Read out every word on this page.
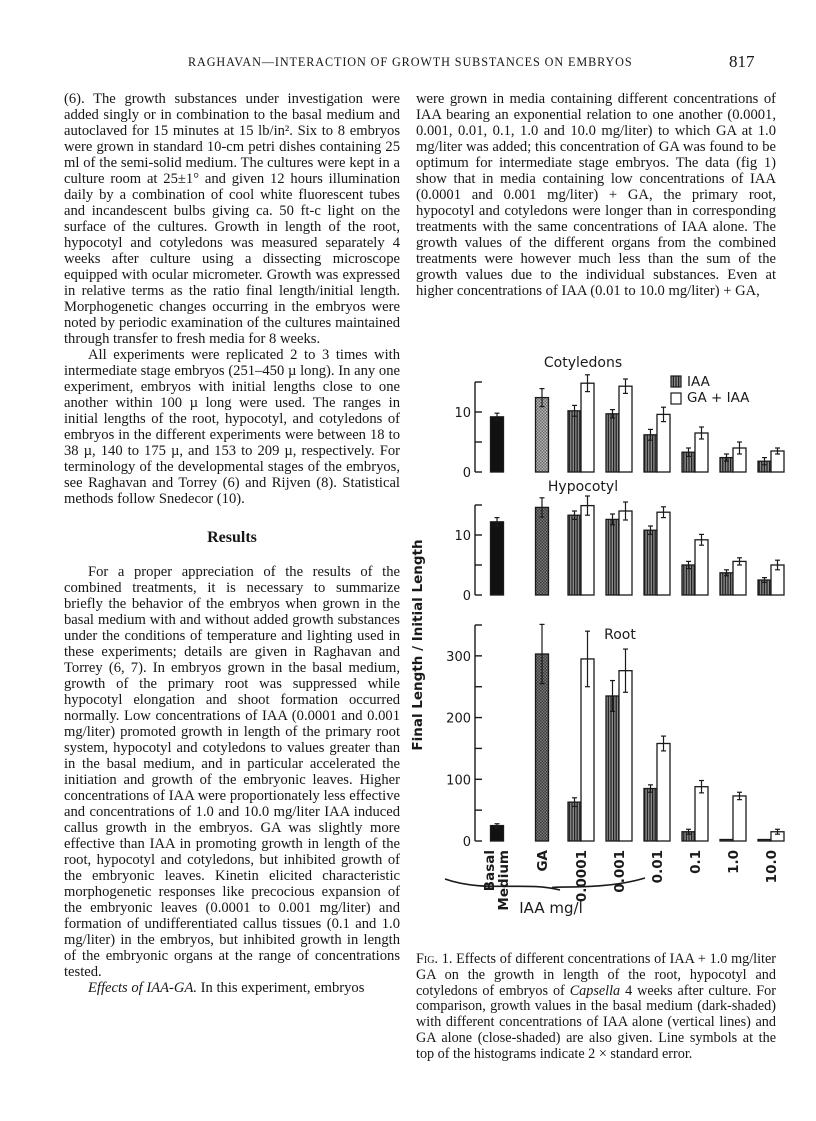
RAGHAVAN—INTERACTION OF GROWTH SUBSTANCES ON EMBRYOS	817

(6). The growth substances under investigation were added singly or in combination to the basal medium and autoclaved for 15 minutes at 15 lb/in². Six to 8 embryos were grown in standard 10-cm petri dishes containing 25 ml of the semi-solid medium. The cultures were kept in a culture room at 25±1° and given 12 hours illumination daily by a combination of cool white fluorescent tubes and incandescent bulbs giving ca. 50 ft-c light on the surface of the cultures. Growth in length of the root, hypocotyl and cotyledons was measured separately 4 weeks after culture using a dissecting microscope equipped with ocular micrometer. Growth was expressed in relative terms as the ratio final length/initial length. Morphogenetic changes occurring in the embryos were noted by periodic examination of the cultures maintained through transfer to fresh media for 8 weeks.

All experiments were replicated 2 to 3 times with intermediate stage embryos (251–450 µ long). In any one experiment, embryos with initial lengths close to one another within 100 µ long were used. The ranges in initial lengths of the root, hypocotyl, and cotyledons of embryos in the different experiments were between 18 to 38 µ, 140 to 175 µ, and 153 to 209 µ, respectively. For terminology of the developmental stages of the embryos, see Raghavan and Torrey (6) and Rijven (8). Statistical methods follow Snedecor (10).

Results

For a proper appreciation of the results of the combined treatments, it is necessary to summarize briefly the behavior of the embryos when grown in the basal medium with and without added growth substances under the conditions of temperature and lighting used in these experiments; details are given in Raghavan and Torrey (6, 7). In embryos grown in the basal medium, growth of the primary root was suppressed while hypocotyl elongation and shoot formation occurred normally. Low concentrations of IAA (0.0001 and 0.001 mg/liter) promoted growth in length of the primary root system, hypocotyl and cotyledons to values greater than in the basal medium, and in particular accelerated the initiation and growth of the embryonic leaves. Higher concentrations of IAA were proportionately less effective and concentrations of 1.0 and 10.0 mg/liter IAA induced callus growth in the embryos. GA was slightly more effective than IAA in promoting growth in length of the root, hypocotyl and cotyledons, but inhibited growth of the embryonic leaves. Kinetin elicited characteristic morphogenetic responses like precocious expansion of the embryonic leaves (0.0001 to 0.001 mg/liter) and formation of undifferentiated callus tissues (0.1 and 1.0 mg/liter) in the embryos, but inhibited growth in length of the embryonic organs at the range of concentrations tested.

Effects of IAA-GA. In this experiment, embryos

were grown in media containing different concentrations of IAA bearing an exponential relation to one another (0.0001, 0.001, 0.01, 0.1, 1.0 and 10.0 mg/liter) to which GA at 1.0 mg/liter was added; this concentration of GA was found to be optimum for intermediate stage embryos. The data (fig 1) show that in media containing low concentrations of IAA (0.0001 and 0.001 mg/liter) + GA, the primary root, hypocotyl and cotyledons were longer than in corresponding treatments with the same concentrations of IAA alone. The growth values of the different organs from the combined treatments were however much less than the sum of the growth values due to the individual substances. Even at higher concentrations of IAA (0.01 to 10.0 mg/liter) + GA,

Cotyledons
0
10
IAA
GA + IAA
Hypocotyl
0
10
Root
0
100
200
300
Final Length / Initial Length
Basal
Medium GA 0.0001 0.001 0.01 0.1 1.0 10.0
IAA mg/l
Fig. 1. Effects of different concentrations of IAA + 1.0 mg/liter GA on the growth in length of the root, hypocotyl and cotyledons of embryos of Capsella 4 weeks after culture. For comparison, growth values in the basal medium (dark-shaded) with different concentrations of IAA alone (vertical lines) and GA alone (close-shaded) are also given. Line symbols at the top of the histograms indicate 2 × standard error.
